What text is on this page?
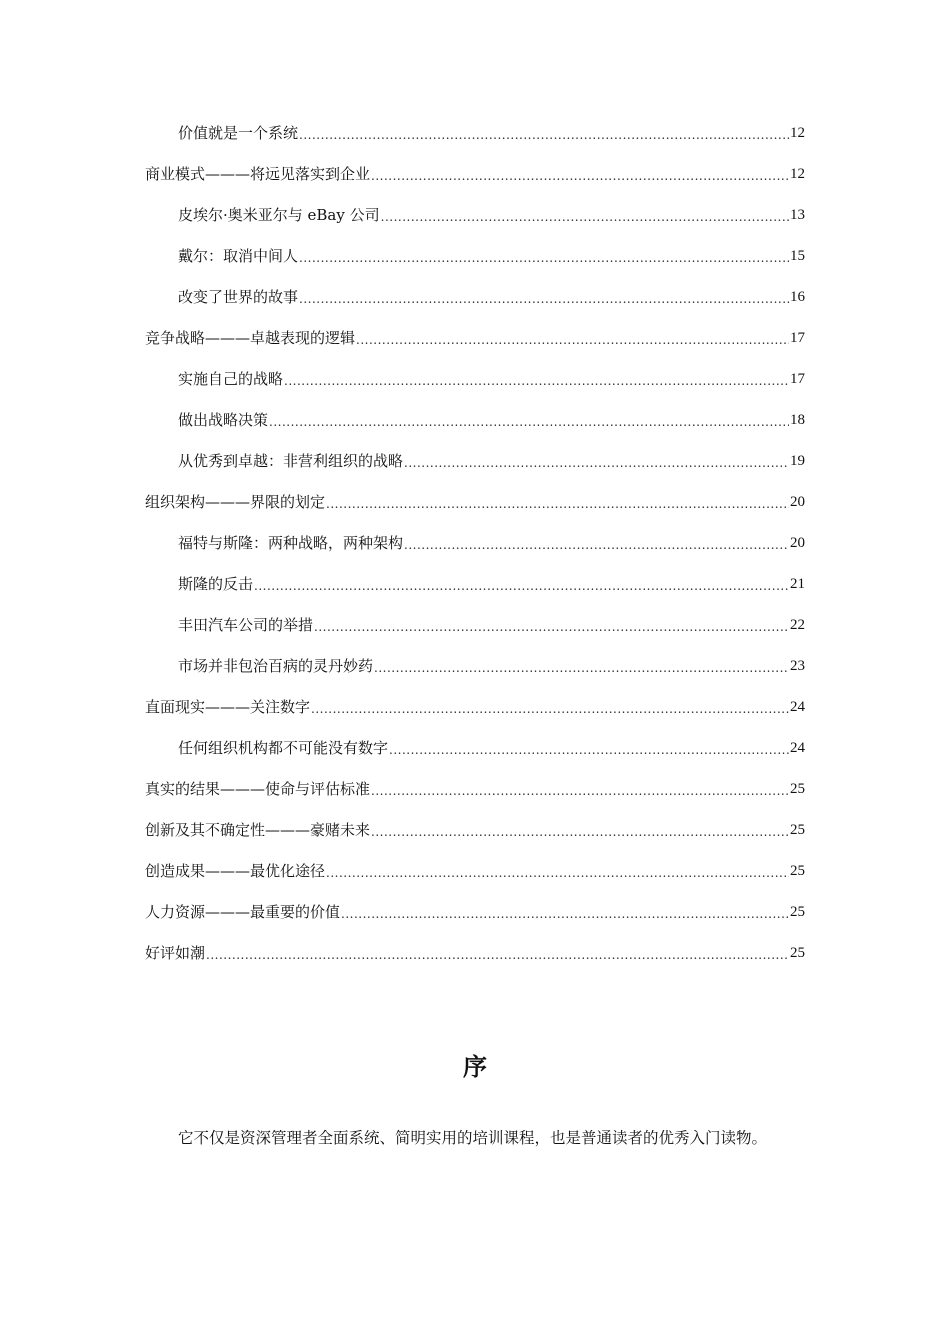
价值就是一个系统 .....	12
商业模式———将远见落实到企业 .....	12
皮埃尔·奥米亚尔与 eBay 公司 .....	13
戴尔：取消中间人 .....	15
改变了世界的故事 .....	16
竞争战略———卓越表现的逻辑 .....	17
实施自己的战略 .....	17
做出战略决策 .....	18
从优秀到卓越：非营利组织的战略 .....	19
组织架构———界限的划定 .....	20
福特与斯隆：两种战略，两种架构 .....	20
斯隆的反击 .....	21
丰田汽车公司的举措 .....	22
市场并非包治百病的灵丹妙药 .....	23
直面现实———关注数字 .....	24
任何组织机构都不可能没有数字 .....	24
真实的结果———使命与评估标准 .....	25
创新及其不确定性———豪赌未来 .....	25
创造成果———最优化途径 .....	25
人力资源———最重要的价值 .....	25
好评如潮 .....	25
序

它不仅是资深管理者全面系统、简明实用的培训课程，也是普通读者的优秀入门读物。
